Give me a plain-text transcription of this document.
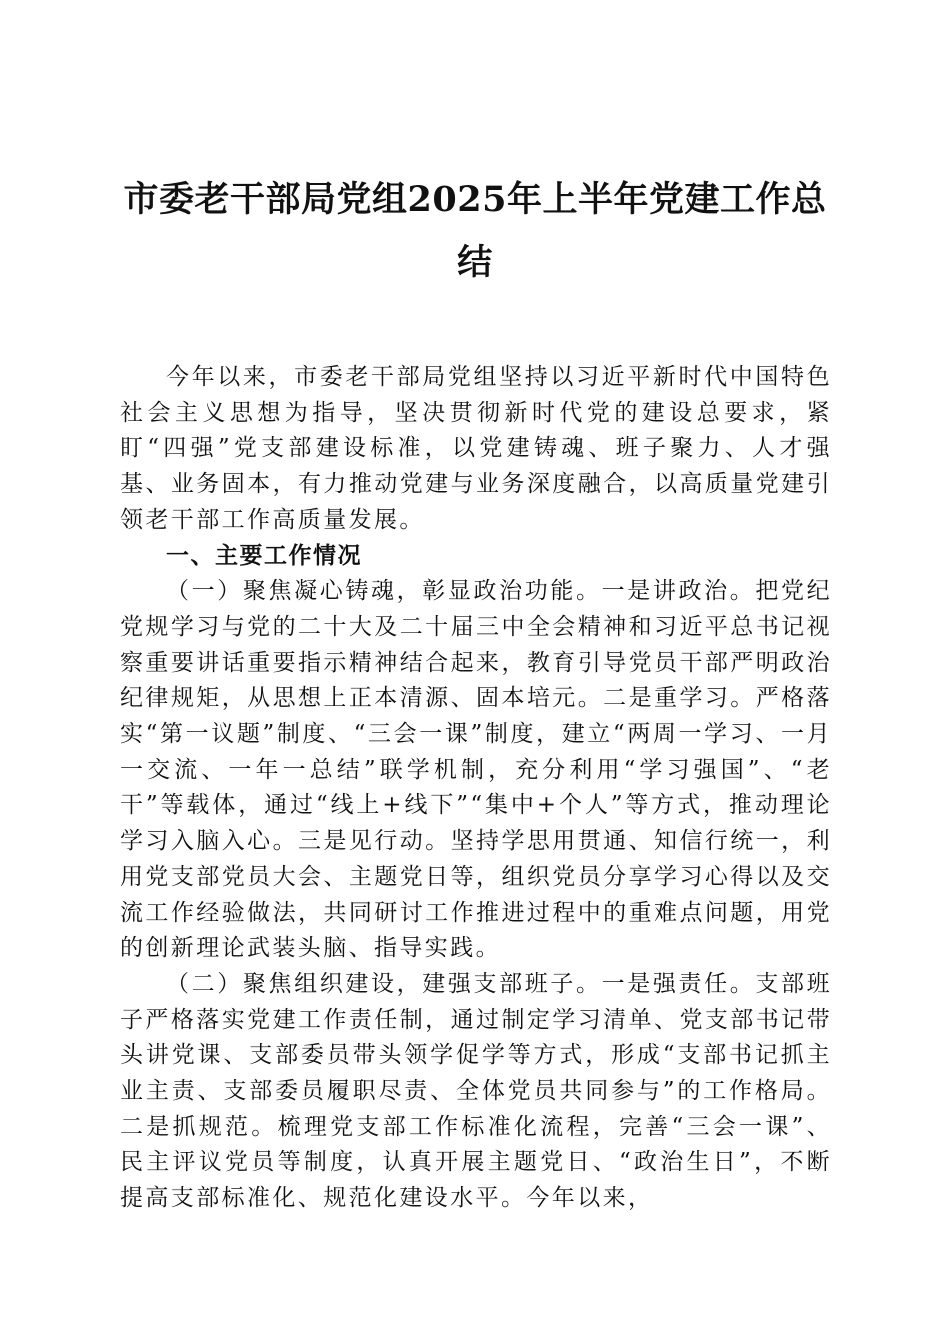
市委老干部局党组2025年上半年党建工作总
结

今年以来，市委老干部局党组坚持以习近平新时代中国特色社会主义思想为指导，坚决贯彻新时代党的建设总要求，紧盯“四强”党支部建设标准，以党建铸魂、班子聚力、人才强基、业务固本，有力推动党建与业务深度融合，以高质量党建引领老干部工作高质量发展。

一、主要工作情况

（一）聚焦凝心铸魂，彰显政治功能。一是讲政治。把党纪党规学习与党的二十大及二十届三中全会精神和习近平总书记视察重要讲话重要指示精神结合起来，教育引导党员干部严明政治纪律规矩，从思想上正本清源、固本培元。二是重学习。严格落实“第一议题”制度、“三会一课”制度，建立“两周一学习、一月一交流、一年一总结”联学机制，充分利用“学习强国”、“老干”等载体，通过“线上+线下”“集中+个人”等方式，推动理论学习入脑入心。三是见行动。坚持学思用贯通、知信行统一，利用党支部党员大会、主题党日等，组织党员分享学习心得以及交流工作经验做法，共同研讨工作推进过程中的重难点问题，用党的创新理论武装头脑、指导实践。

（二）聚焦组织建设，建强支部班子。一是强责任。支部班子严格落实党建工作责任制，通过制定学习清单、党支部书记带头讲党课、支部委员带头领学促学等方式，形成“支部书记抓主业主责、支部委员履职尽责、全体党员共同参与”的工作格局。二是抓规范。梳理党支部工作标准化流程，完善“三会一课”、民主评议党员等制度，认真开展主题党日、“政治生日”，不断提高支部标准化、规范化建设水平。今年以来，
